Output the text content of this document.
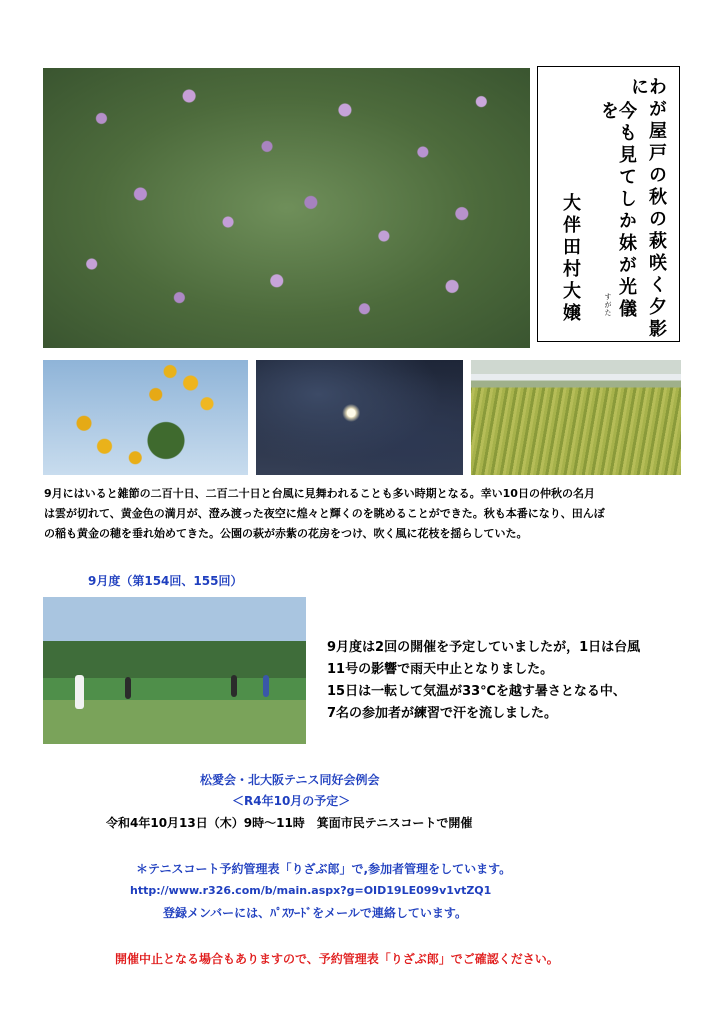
わが屋戸の秋の萩咲く夕影に
今も見てしか妹が光儀を
すがた
大伴田村大嬢
9月にはいると雑節の二百十日、二百二十日と台風に見舞われることも多い時期となる。幸い10日の仲秋の名月
は雲が切れて、黄金色の満月が、澄み渡った夜空に煌々と輝くのを眺めることができた。秋も本番になり、田んぼ
の稲も黄金の穂を垂れ始めてきた。公園の萩が赤紫の花房をつけ、吹く風に花枝を揺らしていた。
9月度（第154回、155回）
9月度は2回の開催を予定していましたが，1日は台風
11号の影響で雨天中止となりました。
15日は一転して気温が33℃を越す暑さとなる中、
7名の参加者が練習で汗を流しました。
松愛会・北大阪テニス同好会例会
＜R4年10月の予定＞
令和4年10月13日（木）9時～11時　箕面市民テニスコートで開催
＊テニスコート予約管理表「りざぶ郎」で,参加者管理をしています。
http://www.r326.com/b/main.aspx?g=OID19LE099v1vtZQ1
登録メンバーには、ﾊﾟｽﾜｰﾄﾞをメールで連絡しています。
開催中止となる場合もありますので、予約管理表「りざぶ郎」でご確認ください。
